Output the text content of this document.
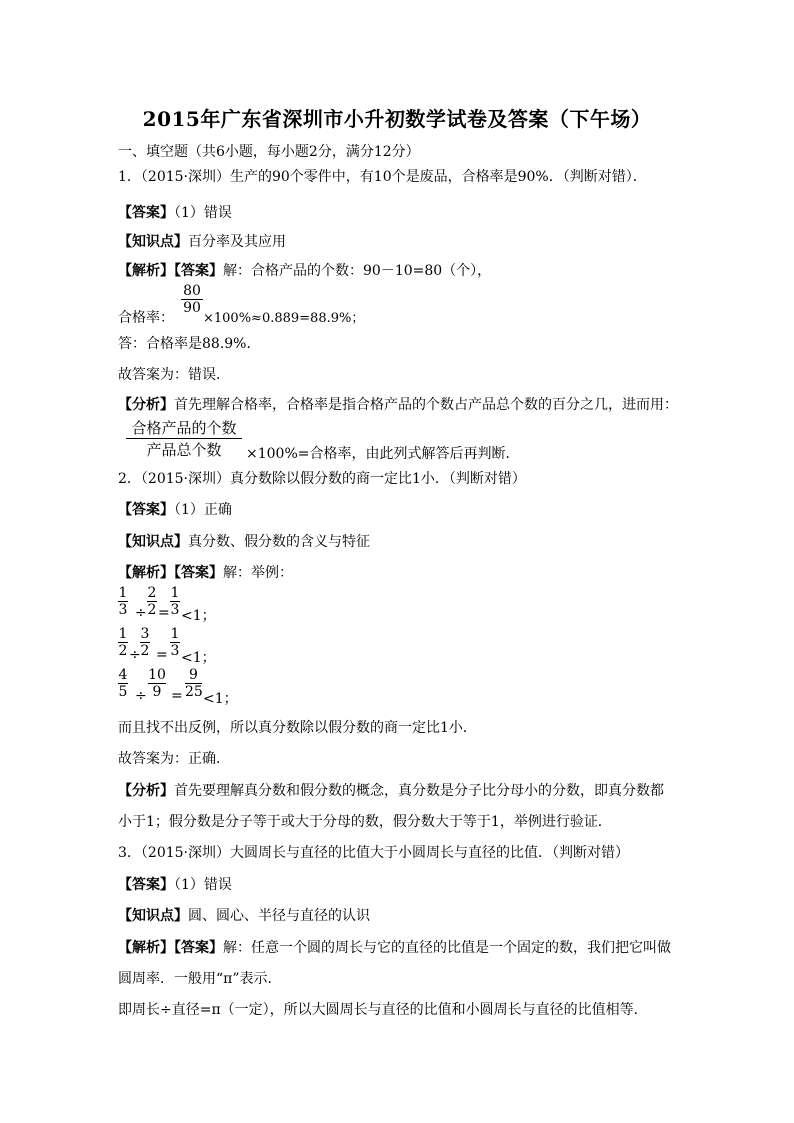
2015年广东省深圳市小升初数学试卷及答案（下午场）
一、填空题（共6小题，每小题2分，满分12分）
1．（2015·深圳）生产的90个零件中，有10个是废品，合格率是90%．（判断对错）．
【答案】（1）错误
【知识点】百分率及其应用
【解析】【答案】解：合格产品的个数：90－10=80（个），
合格率：
80
90
×100%≈0.889=88.9%；
答：合格率是88.9%．
故答案为：错误．
【分析】首先理解合格率，合格率是指合格产品的个数占产品总个数的百分之几，进而用：
合格产品的个数
产品总个数	×100%=合格率，由此列式解答后再判断．
2．（2015·深圳）真分数除以假分数的商一定比1小．（判断对错）
【答案】（1）正确
【知识点】真分数、假分数的含义与特征
【解析】【答案】解：举例：
1
3 ÷
2
2 =
1
3 <1；
1
2 ÷
3
2 =
1
3 <1；
4
5 ÷
10
9 =
9
25 <1；
而且找不出反例，所以真分数除以假分数的商一定比1小．
故答案为：正确．
【分析】首先要理解真分数和假分数的概念，真分数是分子比分母小的分数，即真分数都
小于1；假分数是分子等于或大于分母的数，假分数大于等于1，举例进行验证．
3．（2015·深圳）大圆周长与直径的比值大于小圆周长与直径的比值．（判断对错）
【答案】（1）错误
【知识点】圆、圆心、半径与直径的认识
【解析】【答案】解：任意一个圆的周长与它的直径的比值是一个固定的数，我们把它叫做
圆周率．一般用“π”表示．
即周长÷直径=π（一定），所以大圆周长与直径的比值和小圆周长与直径的比值相等．
